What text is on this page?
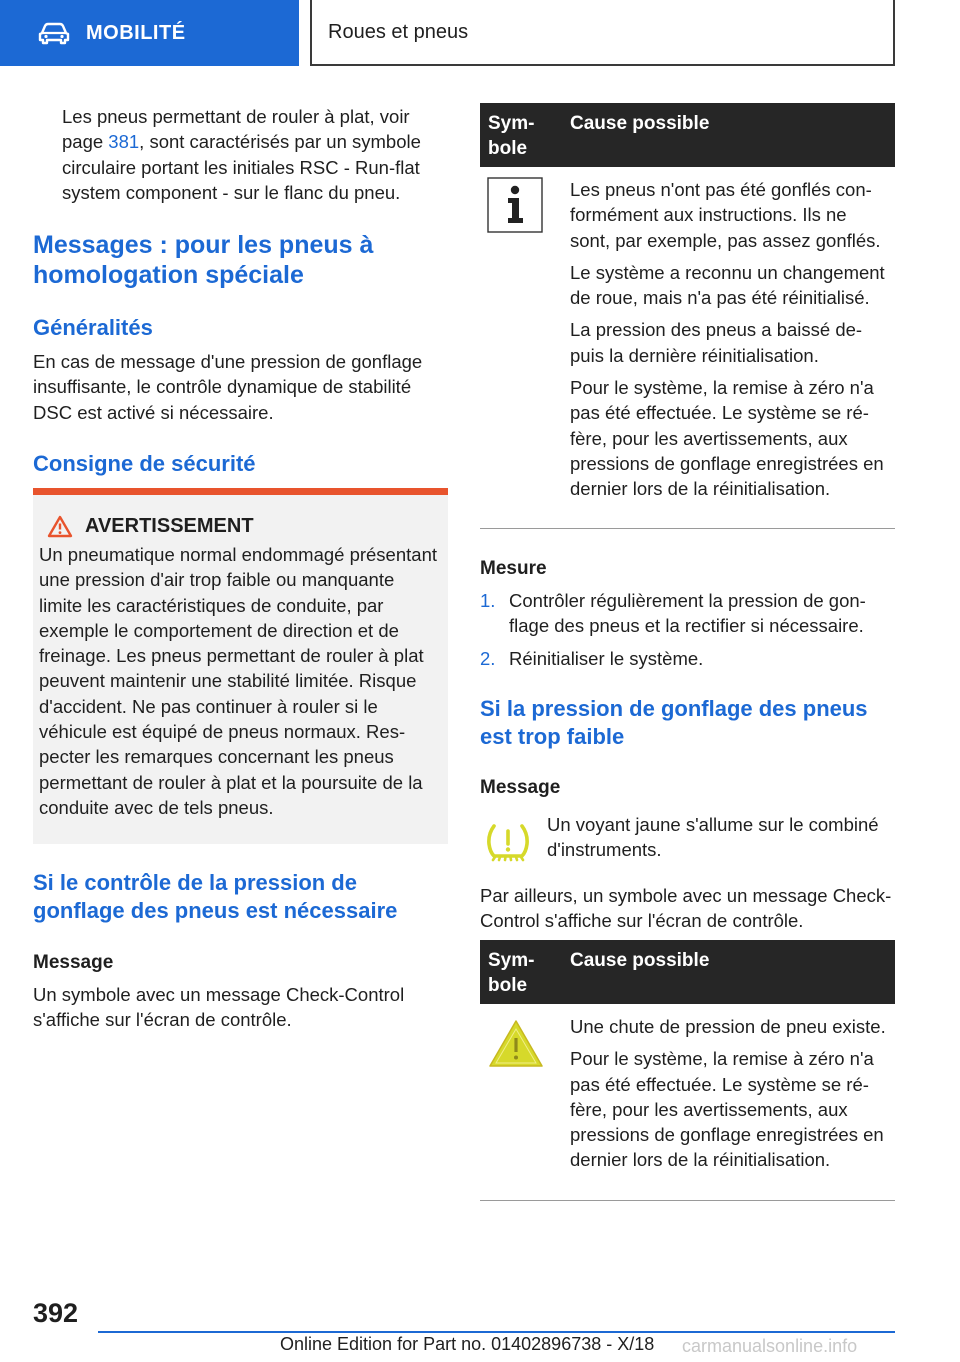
MOBILITÉ	Roues et pneus

Les pneus permettant de rouler à plat, voir page 381, sont caractérisés par un symbole circulaire portant les initiales RSC - Run-flat system component - sur le flanc du pneu.

Messages : pour les pneus à homologation spéciale
Généralités

En cas de message d'une pression de gonflage insuffisante, le contrôle dynamique de stabilité DSC est activé si nécessaire.

Consigne de sécurité
AVERTISSEMENT

Un pneumatique normal endommagé présentant une pression d'air trop faible ou manquante limite les caractéristiques de conduite, par exemple le comportement de direction et de freinage. Les pneus permettant de rouler à plat peuvent maintenir une stabilité limitée. Risque d'accident. Ne pas continuer à rouler si le véhicule est équipé de pneus normaux. Respecter les remarques concernant les pneus permettant de rouler à plat et la poursuite de la conduite avec de tels pneus.

Si le contrôle de la pression de gonflage des pneus est nécessaire
Message

Un symbole avec un message Check-Control s'affiche sur l'écran de contrôle.

Symbole
Cause possible

Les pneus n'ont pas été gonflés conformément aux instructions. Ils ne sont, par exemple, pas assez gonflés.

Le système a reconnu un changement de roue, mais n'a pas été réinitialisé.

La pression des pneus a baissé depuis la dernière réinitialisation.

Pour le système, la remise à zéro n'a pas été effectuée. Le système se réfère, pour les avertissements, aux pressions de gonflage enregistrées en dernier lors de la réinitialisation.

Mesure
1. Contrôler régulièrement la pression de gonflage des pneus et la rectifier si nécessaire.
2. Réinitialiser le système.
Si la pression de gonflage des pneus est trop faible
Message

Un voyant jaune s'allume sur le combiné d'instruments.

Par ailleurs, un symbole avec un message Check-Control s'affiche sur l'écran de contrôle.

Symbole
Cause possible

Une chute de pression de pneu existe.

Pour le système, la remise à zéro n'a pas été effectuée. Le système se réfère, pour les avertissements, aux pressions de gonflage enregistrées en dernier lors de la réinitialisation.

392
Online Edition for Part no. 01402896738 - X/18 carmanualsonline.info
